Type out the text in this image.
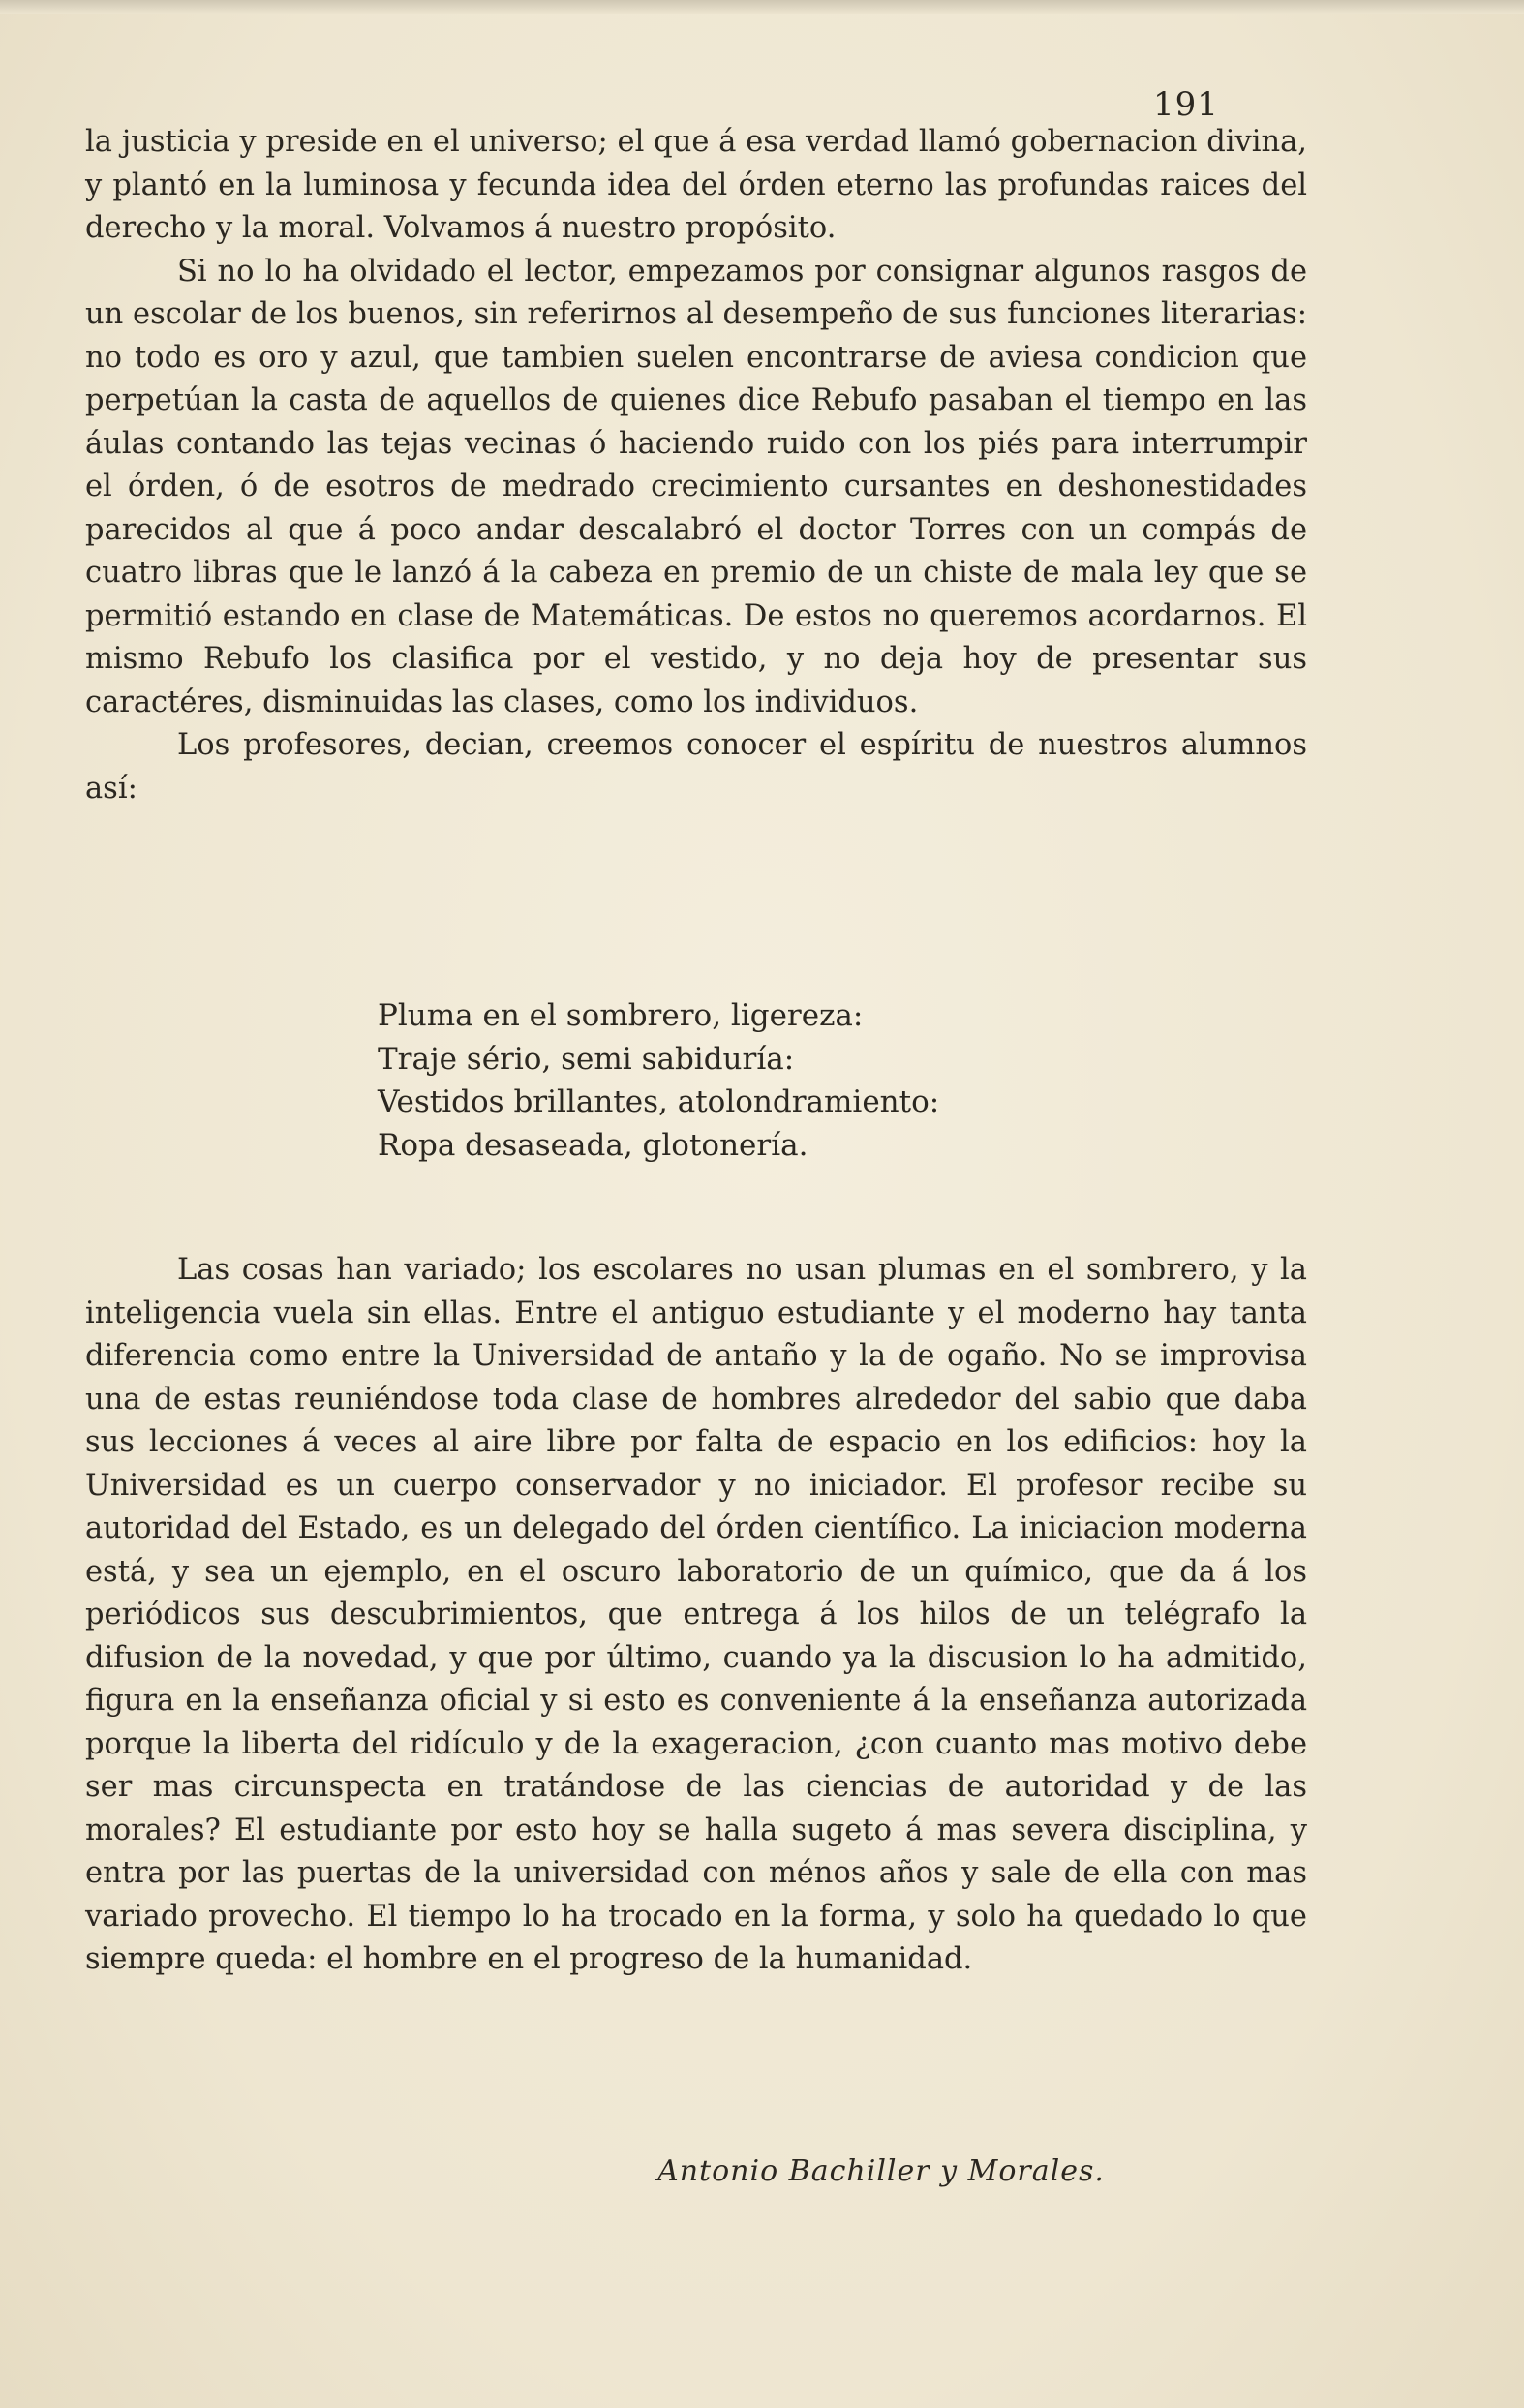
191

la justicia y preside en el universo; el que á esa verdad llamó gobernacion divina, y plantó en la luminosa y fecunda idea del órden eterno las profundas raices del derecho y la moral. Volvamos á nuestro propósito.

Si no lo ha olvidado el lector, empezamos por consignar algunos rasgos de un escolar de los buenos, sin referirnos al desempeño de sus funciones literarias: no todo es oro y azul, que tambien suelen encontrarse de aviesa condicion que perpetúan la casta de aquellos de quienes dice Rebufo pasaban el tiempo en las áulas contando las tejas vecinas ó haciendo ruido con los piés para interrumpir el órden, ó de esotros de medrado crecimiento cursantes en deshonestidades parecidos al que á poco andar descalabró el doctor Torres con un compás de cuatro libras que le lanzó á la cabeza en premio de un chiste de mala ley que se permitió estando en clase de Matemáticas. De estos no queremos acordarnos. El mismo Rebufo los clasifica por el vestido, y no deja hoy de presentar sus caractéres, disminuidas las clases, como los individuos.

Los profesores, decian, creemos conocer el espíritu de nuestros alumnos así:

Pluma en el sombrero, ligereza:
Traje sério, semi sabiduría:
Vestidos brillantes, atolondramiento:
Ropa desaseada, glotonería.

Las cosas han variado; los escolares no usan plumas en el sombrero, y la inteligencia vuela sin ellas. Entre el antiguo estudiante y el moderno hay tanta diferencia como entre la Universidad de antaño y la de ogaño. No se improvisa una de estas reuniéndose toda clase de hombres alrededor del sabio que daba sus lecciones á veces al aire libre por falta de espacio en los edificios: hoy la Universidad es un cuerpo conservador y no iniciador. El profesor recibe su autoridad del Estado, es un delegado del órden científico. La iniciacion moderna está, y sea un ejemplo, en el oscuro laboratorio de un químico, que da á los periódicos sus descubrimientos, que entrega á los hilos de un telégrafo la difusion de la novedad, y que por último, cuando ya la discusion lo ha admitido, figura en la enseñanza oficial y si esto es conveniente á la enseñanza autorizada porque la liberta del ridículo y de la exageracion, ¿con cuanto mas motivo debe ser mas circunspecta en tratándose de las ciencias de autoridad y de las morales? El estudiante por esto hoy se halla sugeto á mas severa disciplina, y entra por las puertas de la universidad con ménos años y sale de ella con mas variado provecho. El tiempo lo ha trocado en la forma, y solo ha quedado lo que siempre queda: el hombre en el progreso de la humanidad.

Antonio Bachiller y Morales.
